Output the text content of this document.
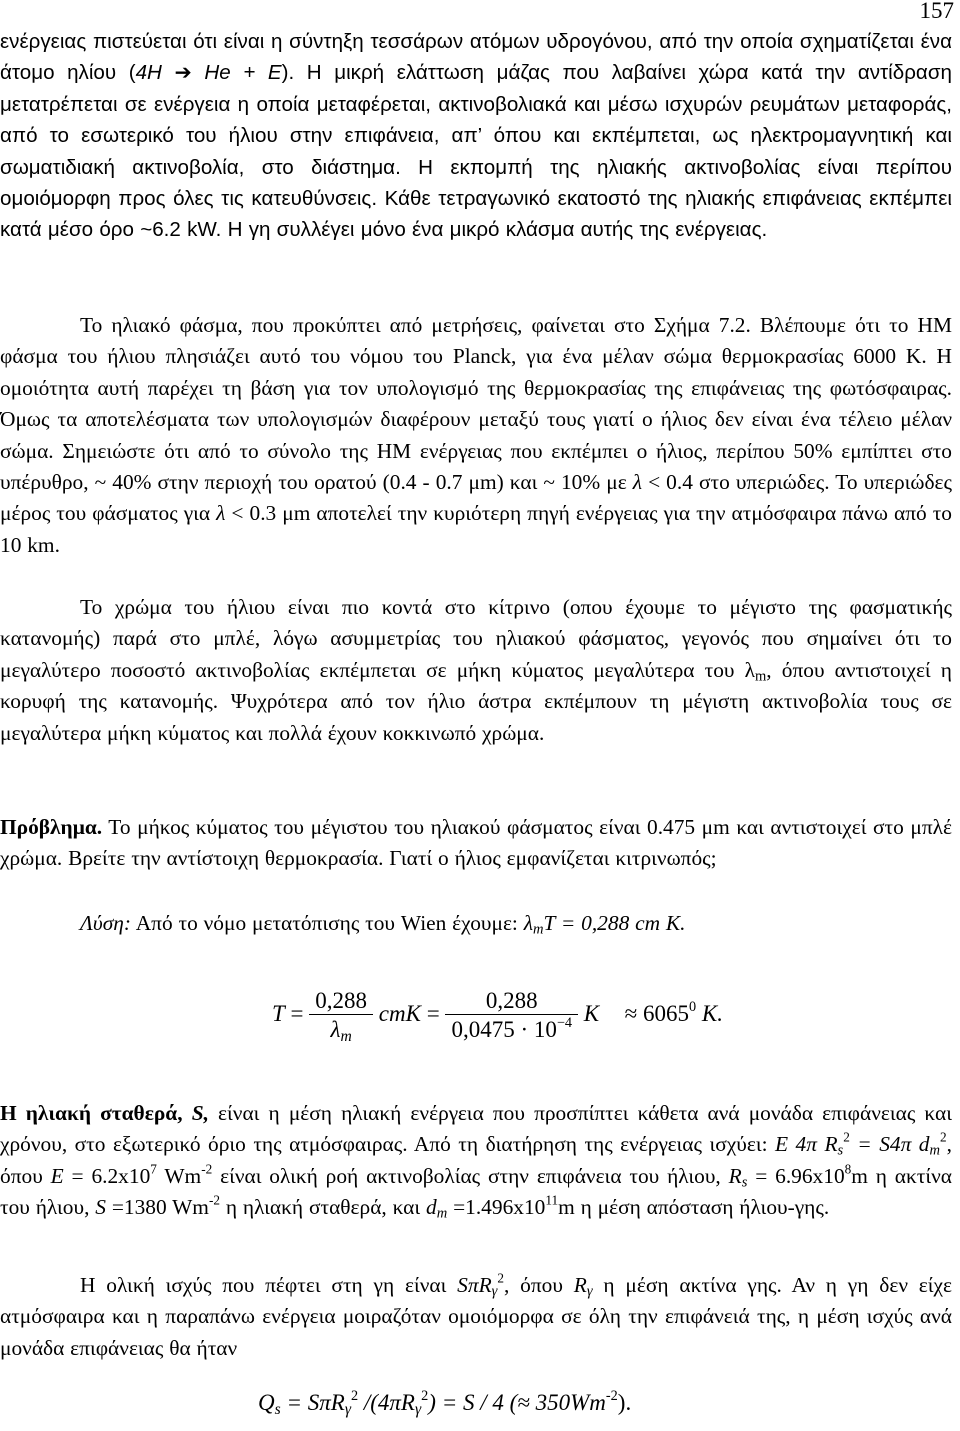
157

ενέργειας πιστεύεται ότι είναι η σύντηξη τεσσάρων ατόμων υδρογόνου, από την οποία σχηματίζεται ένα άτομο ηλίου (4H ➔ He + E). Η μικρή ελάττωση μάζας που λαβαίνει χώρα κατά την αντίδραση μετατρέπεται σε ενέργεια η οποία μεταφέρεται, ακτινοβολιακά και μέσω ισχυρών ρευμάτων μεταφοράς, από το εσωτερικό του ήλιου στην επιφάνεια, απ’ όπου και εκπέμπεται, ως ηλεκτρομαγνητική και σωματιδιακή ακτινοβολία, στο διάστημα. Η εκπομπή της ηλιακής ακτινοβολίας είναι περίπου ομοιόμορφη προς όλες τις κατευθύνσεις. Κάθε τετραγωνικό εκατοστό της ηλιακής επιφάνειας εκπέμπει κατά μέσο όρο ~6.2 kW. Η γη συλλέγει μόνο ένα μικρό κλάσμα αυτής της ενέργειας.

Το ηλιακό φάσμα, που προκύπτει από μετρήσεις, φαίνεται στο Σχήμα 7.2. Βλέπουμε ότι το ΗΜ φάσμα του ήλιου πλησιάζει αυτό του νόμου του Planck, για ένα μέλαν σώμα θερμοκρασίας 6000 K. Η ομοιότητα αυτή παρέχει τη βάση για τον υπολογισμό της θερμοκρασίας της επιφάνειας της φωτόσφαιρας. Όμως τα αποτελέσματα των υπολογισμών διαφέρουν μεταξύ τους γιατί ο ήλιος δεν είναι ένα τέλειο μέλαν σώμα. Σημειώστε ότι από το σύνολο της ΗΜ ενέργειας που εκπέμπει ο ήλιος, περίπου 50% εμπίπτει στο υπέρυθρο, ~ 40% στην περιοχή του ορατού (0.4 - 0.7 μm) και ~ 10% με λ < 0.4 στο υπεριώδες. Το υπεριώδες μέρος του φάσματος για λ < 0.3 μm αποτελεί την κυριότερη πηγή ενέργειας για την ατμόσφαιρα πάνω από το 10 km.

Το χρώμα του ήλιου είναι πιο κοντά στο κίτρινο (οπου έχουμε το μέγιστο της φασματικής κατανομής) παρά στο μπλέ, λόγω ασυμμετρίας του ηλιακού φάσματος, γεγονός που σημαίνει ότι το μεγαλύτερο ποσοστό ακτινοβολίας εκπέμπεται σε μήκη κύματος μεγαλύτερα του $\lambda_m$, όπου αντιστοιχεί η κορυφή της κατανομής. Ψυχρότερα από τον ήλιο άστρα εκπέμπουν τη μέγιστη ακτινοβολία τους σε μεγαλύτερα μήκη κύματος και πολλά έχουν κοκκινωπό χρώμα.

Πρόβλημα. Το μήκος κύματος του μέγιστου του ηλιακού φάσματος είναι 0.475 μm και αντιστοιχεί στο μπλέ χρώμα. Βρείτε την αντίστοιχη θερμοκρασία. Γιατί ο ήλιος εμφανίζεται κιτρινωπός;

Λύση: Από το νόμο μετατόπισης του Wien έχουμε: $\lambda_mT = 0,288$ cm K.

$T = \frac{0,288}{\lambda_m}$ cmK = $\frac{0,288}{0,0475 \cdot 10^{-4}}$ $K \approx 6065^0$ K.

Η ηλιακή σταθερά, S, είναι η μέση ηλιακή ενέργεια που προσπίπτει κάθετα ανά μονάδα επιφάνειας και χρόνου, στο εξωτερικό όριο της ατμόσφαιρας. Από τη διατήρηση της ενέργειας ισχύει: E 4π $R_s^2 = S4\pi$ $d_m^2$, όπου $E = 6.2x10^7$ $Wm^{-2}$ είναι ολική ροή ακτινοβολίας στην επιφάνεια του ήλιου, $R_s = 6.96x10^8m$ η ακτίνα του ήλιου, S =1380 $Wm^{-2}$ η ηλιακή σταθερά, και $d_m =1.496x10^{11}m$ η μέση απόσταση ήλιου-γης.

Η ολική ισχύς που πέφτει στη γη είναι SπR$_\gamma^2$, όπου $R_\gamma$ η μέση ακτίνα γης. Αν η γη δεν είχε ατμόσφαιρα και η παραπάνω ενέργεια μοιραζόταν ομοιόμορφα σε όλη την επιφάνειά της, η μέση ισχύς ανά μονάδα επιφάνειας θα ήταν

$Q_s = S\pi R_\gamma^2$ $/(4\pi R_\gamma^2) = S / 4$ (≈ $350Wm^{-2}$).
